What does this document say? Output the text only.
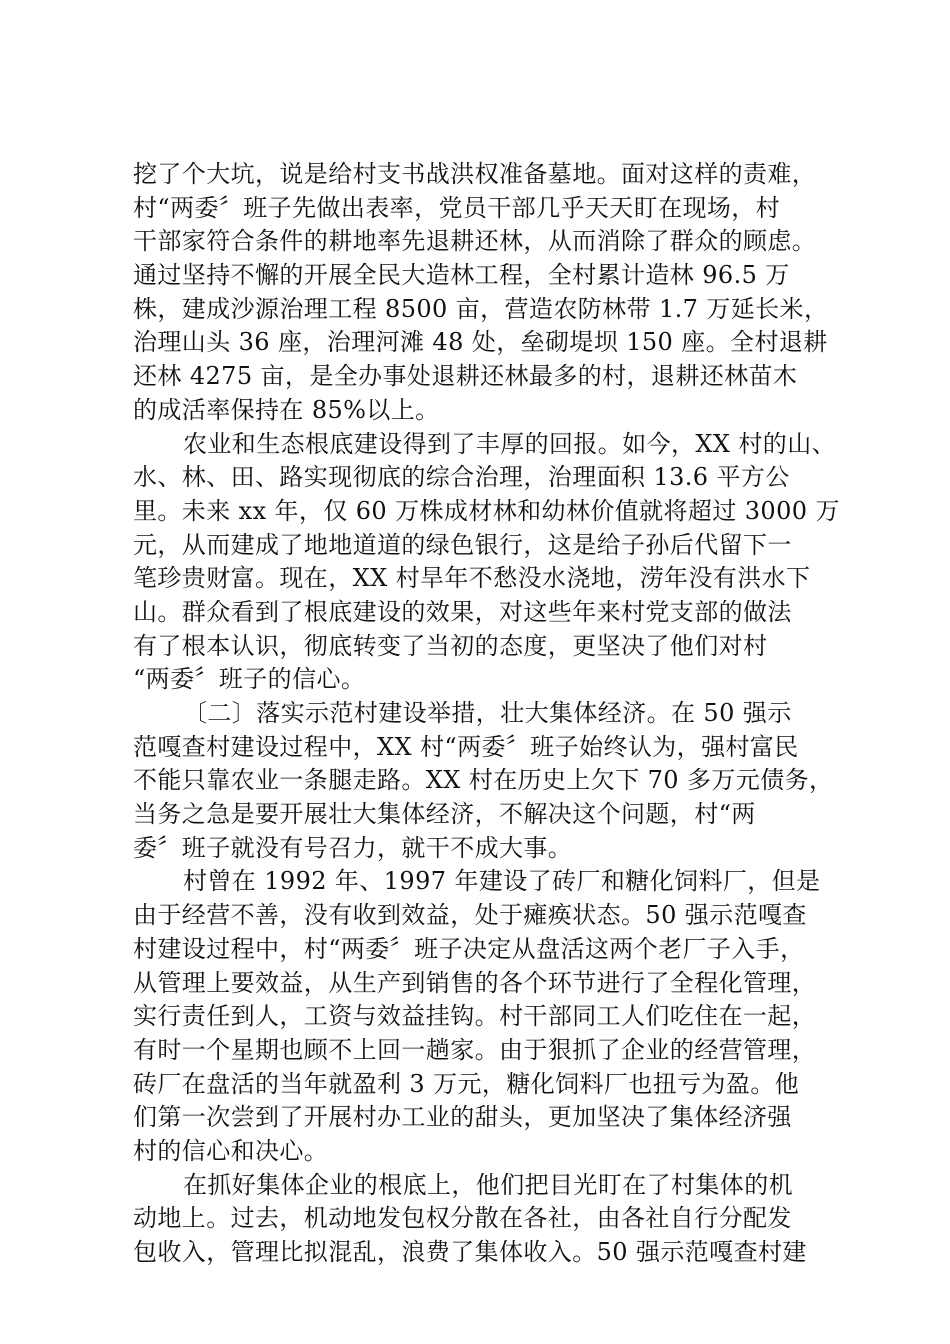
挖了个大坑，说是给村支书战洪权准备墓地。面对这样的责难，
村“两委〞班子先做出表率，党员干部几乎天天盯在现场，村
干部家符合条件的耕地率先退耕还林，从而消除了群众的顾虑。
通过坚持不懈的开展全民大造林工程，全村累计造林 96.5 万
株，建成沙源治理工程 8500 亩，营造农防林带 1.7 万延长米，
治理山头 36 座，治理河滩 48 处，垒砌堤坝 150 座。全村退耕
还林 4275 亩，是全办事处退耕还林最多的村，退耕还林苗木
的成活率保持在 85%以上。
农业和生态根底建设得到了丰厚的回报。如今，XX 村的山、
水、林、田、路实现彻底的综合治理，治理面积 13.6 平方公
里。未来 xx 年，仅 60 万株成材林和幼林价值就将超过 3000 万
元，从而建成了地地道道的绿色银行，这是给子孙后代留下一
笔珍贵财富。现在，XX 村旱年不愁没水浇地，涝年没有洪水下
山。群众看到了根底建设的效果，对这些年来村党支部的做法
有了根本认识，彻底转变了当初的态度，更坚决了他们对村
“两委〞班子的信心。
〔二〕落实示范村建设举措，壮大集体经济。在 50 强示
范嘎查村建设过程中，XX 村“两委〞班子始终认为，强村富民
不能只靠农业一条腿走路。XX 村在历史上欠下 70 多万元债务，
当务之急是要开展壮大集体经济，不解决这个问题，村“两
委〞班子就没有号召力，就干不成大事。
村曾在 1992 年、1997 年建设了砖厂和糖化饲料厂，但是
由于经营不善，没有收到效益，处于瘫痪状态。50 强示范嘎查
村建设过程中，村“两委〞班子决定从盘活这两个老厂子入手，
从管理上要效益，从生产到销售的各个环节进行了全程化管理，
实行责任到人，工资与效益挂钩。村干部同工人们吃住在一起，
有时一个星期也顾不上回一趟家。由于狠抓了企业的经营管理，
砖厂在盘活的当年就盈利 3 万元，糖化饲料厂也扭亏为盈。他
们第一次尝到了开展村办工业的甜头，更加坚决了集体经济强
村的信心和决心。
在抓好集体企业的根底上，他们把目光盯在了村集体的机
动地上。过去，机动地发包权分散在各社，由各社自行分配发
包收入，管理比拟混乱，浪费了集体收入。50 强示范嘎查村建
